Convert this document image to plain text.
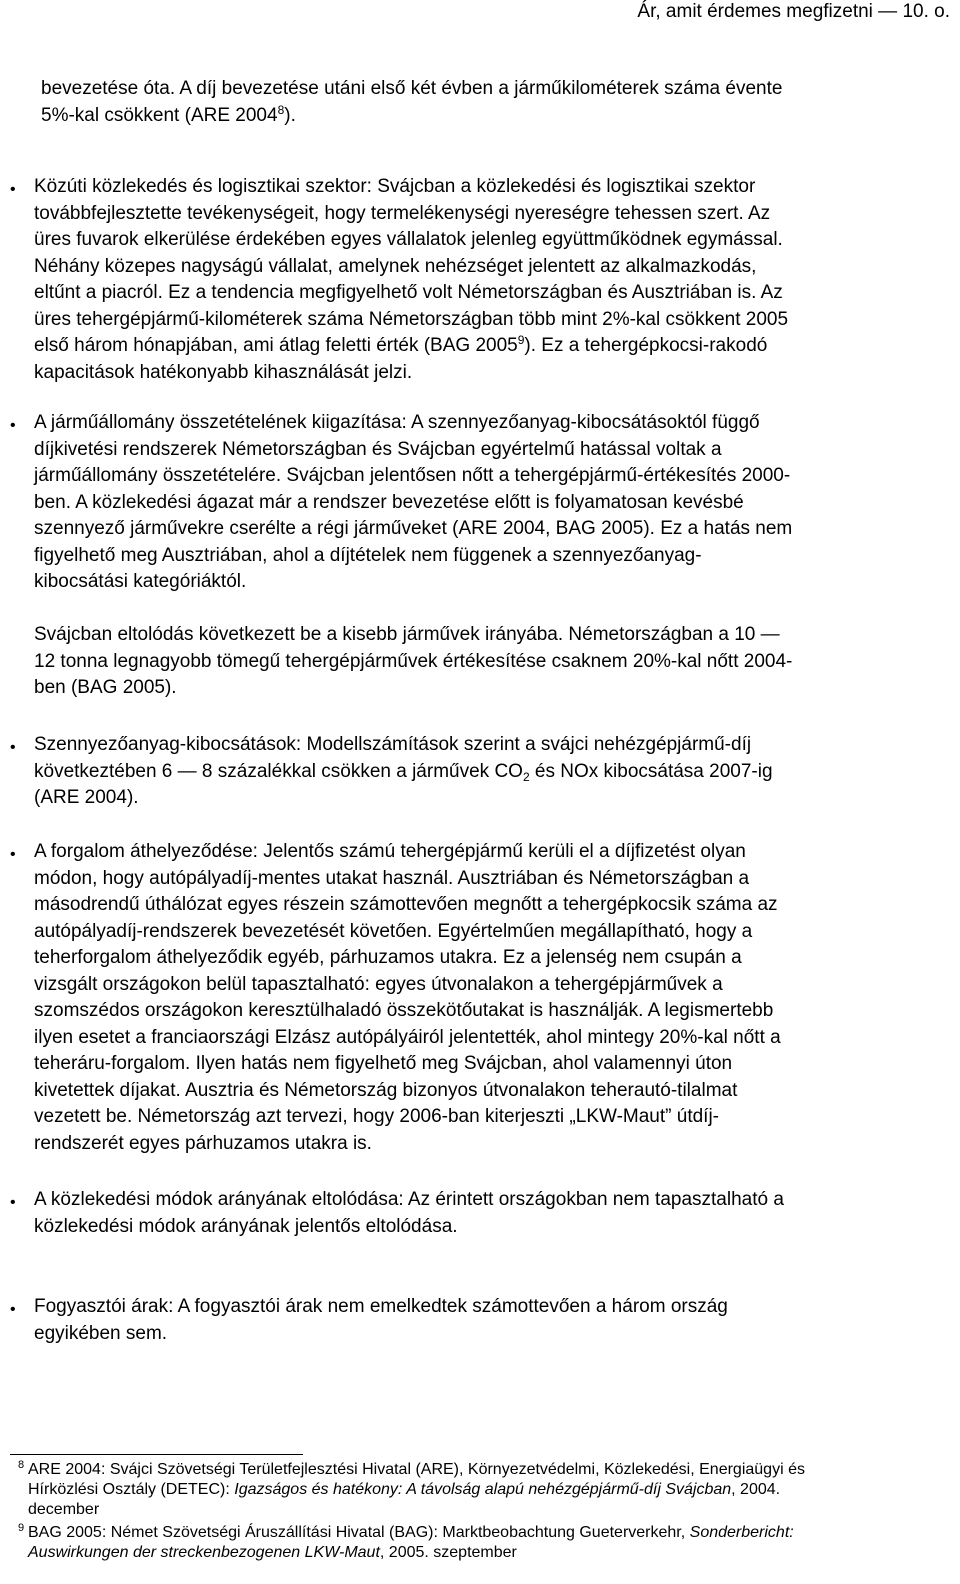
Ár, amit érdemes megfizetni — 10. o.
bevezetése óta. A díj bevezetése utáni első két évben a járműkilométerek száma évente
5%-kal csökkent (ARE 2004$^8$).
• Közúti közlekedés és logisztikai szektor: Svájcban a közlekedési és logisztikai szektor
továbbfejlesztette tevékenységeit, hogy termelékenységi nyereségre tehessen szert. Az
üres fuvarok elkerülése érdekében egyes vállalatok jelenleg együttműködnek egymással.
Néhány közepes nagyságú vállalat, amelynek nehézséget jelentett az alkalmazkodás,
eltűnt a piacról. Ez a tendencia megfigyelhető volt Németországban és Ausztriában is. Az
üres tehergépjármű-kilométerek száma Németországban több mint 2%-kal csökkent 2005
első három hónapjában, ami átlag feletti érték (BAG 2005$^9$). Ez a tehergépkocsi-rakodó
kapacitások hatékonyabb kihasználását jelzi.
• A járműállomány összetételének kiigazítása: A szennyezőanyag-kibocsátásoktól függő
díjkivetési rendszerek Németországban és Svájcban egyértelmű hatással voltak a
járműállomány összetételére. Svájcban jelentősen nőtt a tehergépjármű-értékesítés 2000-
ben. A közlekedési ágazat már a rendszer bevezetése előtt is folyamatosan kevésbé
szennyező járművekre cserélte a régi járműveket (ARE 2004, BAG 2005). Ez a hatás nem
figyelhető meg Ausztriában, ahol a díjtételek nem függenek a szennyezőanyag-
kibocsátási kategóriáktól.
Svájcban eltolódás következett be a kisebb járművek irányába. Németországban a 10 —
12 tonna legnagyobb tömegű tehergépjárművek értékesítése csaknem 20%-kal nőtt 2004-
ben (BAG 2005).
• Szennyezőanyag-kibocsátások: Modellszámítások szerint a svájci nehézgépjármű-díj
következtében 6 — 8 százalékkal csökken a járművek $CO_2$ és NOx kibocsátása 2007-ig
(ARE 2004).
• A forgalom áthelyeződése: Jelentős számú tehergépjármű kerüli el a díjfizetést olyan
módon, hogy autópályadíj-mentes utakat használ. Ausztriában és Németországban a
másodrendű úthálózat egyes részein számottevően megnőtt a tehergépkocsik száma az
autópályadíj-rendszerek bevezetését követően. Egyértelműen megállapítható, hogy a
teherforgalom áthelyeződik egyéb, párhuzamos utakra. Ez a jelenség nem csupán a
vizsgált országokon belül tapasztalható: egyes útvonalakon a tehergépjárművek a
szomszédos országokon keresztülhaladó összekötőutakat is használják. A legismertebb
ilyen esetet a franciaországi Elzász autópályáiról jelentették, ahol mintegy 20%-kal nőtt a
teheráru-forgalom. Ilyen hatás nem figyelhető meg Svájcban, ahol valamennyi úton
kivetettek díjakat. Ausztria és Németország bizonyos útvonalakon teherautó-tilalmat
vezetett be. Németország azt tervezi, hogy 2006-ban kiterjeszti „LKW-Maut” útdíj-
rendszerét egyes párhuzamos utakra is.
• A közlekedési módok arányának eltolódása: Az érintett országokban nem tapasztalható a
közlekedési módok arányának jelentős eltolódása.
• Fogyasztói árak: A fogyasztói árak nem emelkedtek számottevően a három ország
egyikében sem.
8 ARE 2004: Svájci Szövetségi Területfejlesztési Hivatal (ARE), Környezetvédelmi, Közlekedési, Energiaügyi és
Hírközlési Osztály (DETEC): Igazságos és hatékony: A távolság alapú nehézgépjármű-díj Svájcban, 2004.
december
9 BAG 2005: Német Szövetségi Áruszállítási Hivatal (BAG): Marktbeobachtung Gueterverkehr, Sonderbericht:
Auswirkungen der streckenbezogenen LKW-Maut, 2005. szeptember
